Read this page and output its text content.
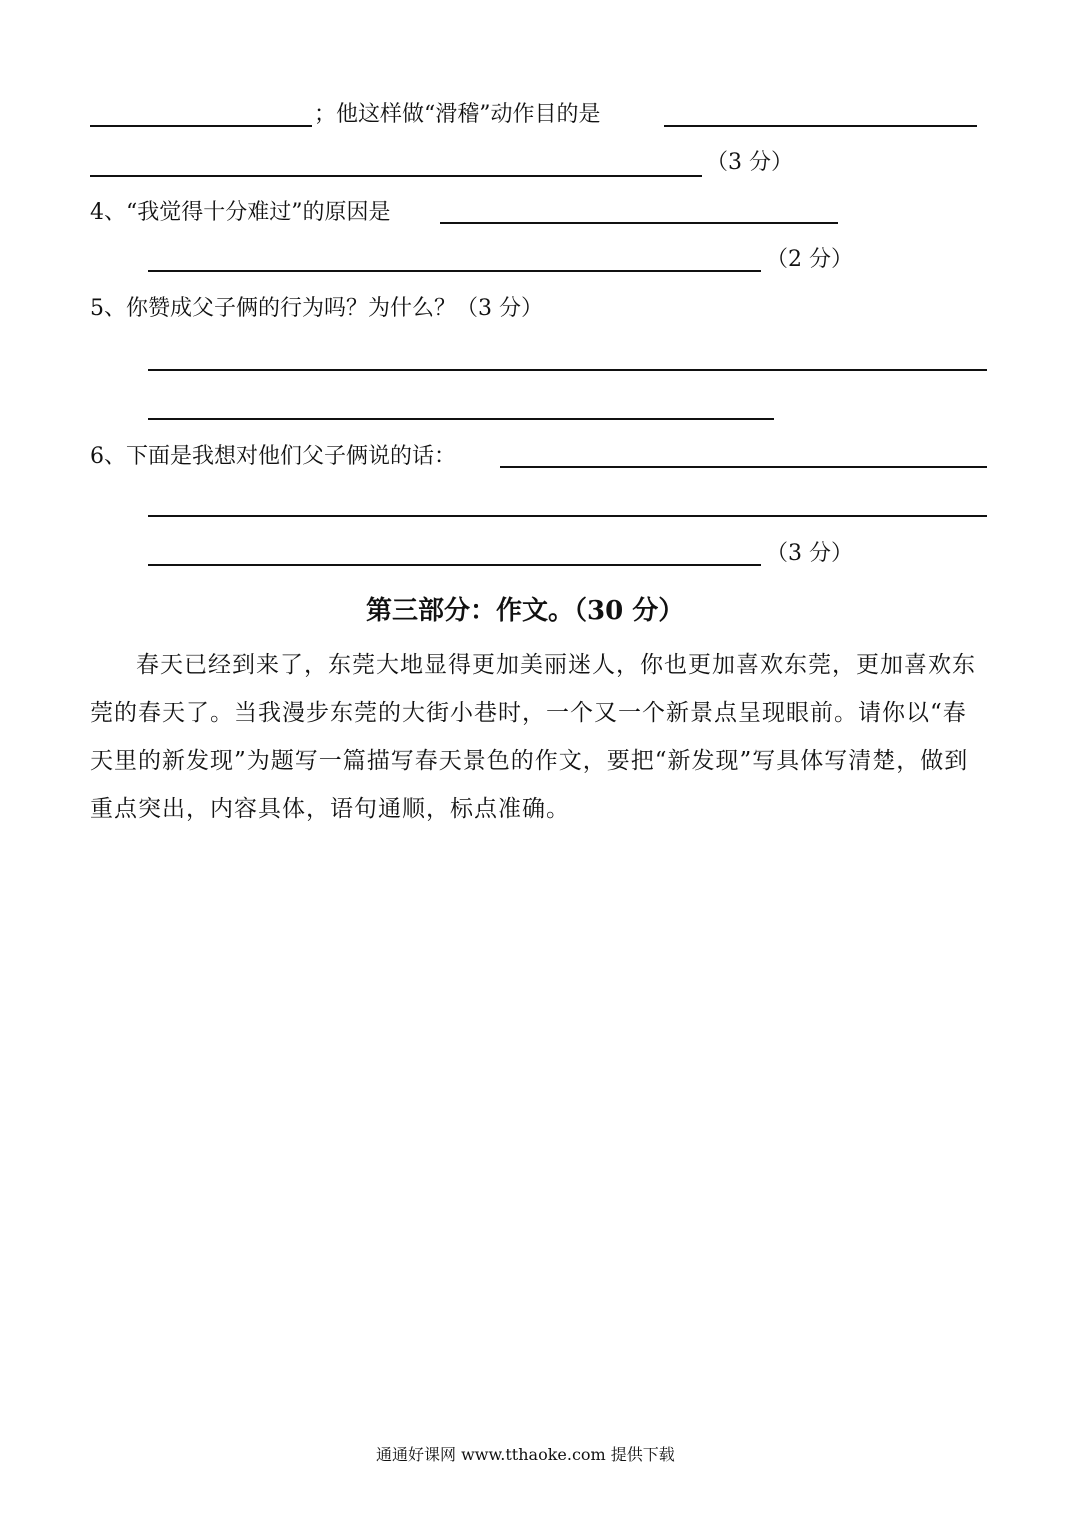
；他这样做“滑稽”动作目的是
（3 分）
4、“我觉得十分难过”的原因是
（2 分）
5、你赞成父子俩的行为吗？为什么？（3 分）
6、下面是我想对他们父子俩说的话：
（3 分）
第三部分：作文。（30 分）
春天已经到来了，东莞大地显得更加美丽迷人，你也更加喜欢东莞，更加喜欢东莞的春天了。当我漫步东莞的大街小巷时，一个又一个新景点呈现眼前。请你以“春天里的新发现”为题写一篇描写春天景色的作文，要把“新发现”写具体写清楚，做到重点突出，内容具体，语句通顺，标点准确。
通通好课网 www.tthaoke.com 提供下载
